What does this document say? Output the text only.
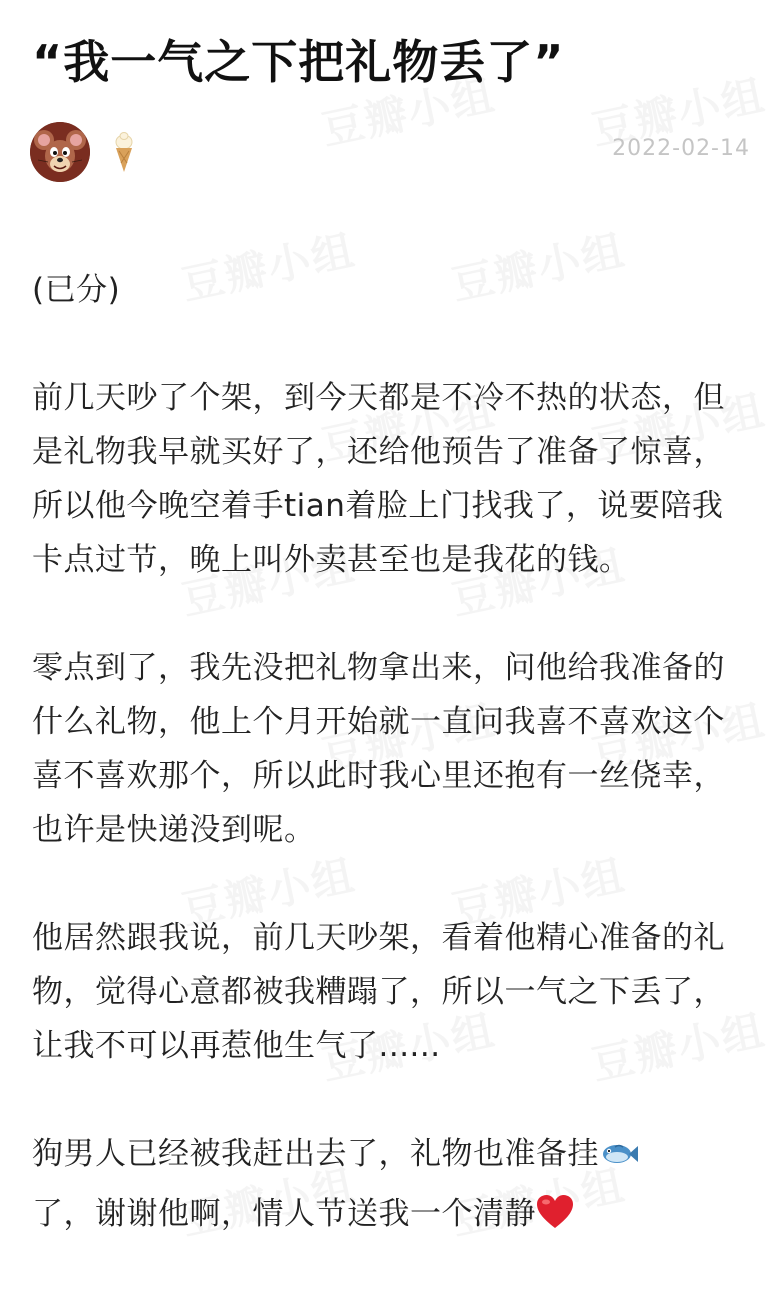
“我一气之下把礼物丢了”
2022-02-14

(已分)

前几天吵了个架，到今天都是不冷不热的状态，但是礼物我早就买好了，还给他预告了准备了惊喜，所以他今晚空着手tian着脸上门找我了，说要陪我卡点过节，晚上叫外卖甚至也是我花的钱。

零点到了，我先没把礼物拿出来，问他给我准备的什么礼物，他上个月开始就一直问我喜不喜欢这个喜不喜欢那个，所以此时我心里还抱有一丝侥幸，也许是快递没到呢。

他居然跟我说，前几天吵架，看着他精心准备的礼物，觉得心意都被我糟蹋了，所以一气之下丢了，让我不可以再惹他生气了......

狗男人已经被我赶出去了，礼物也准备挂
了，谢谢他啊，情人节送我一个清静
